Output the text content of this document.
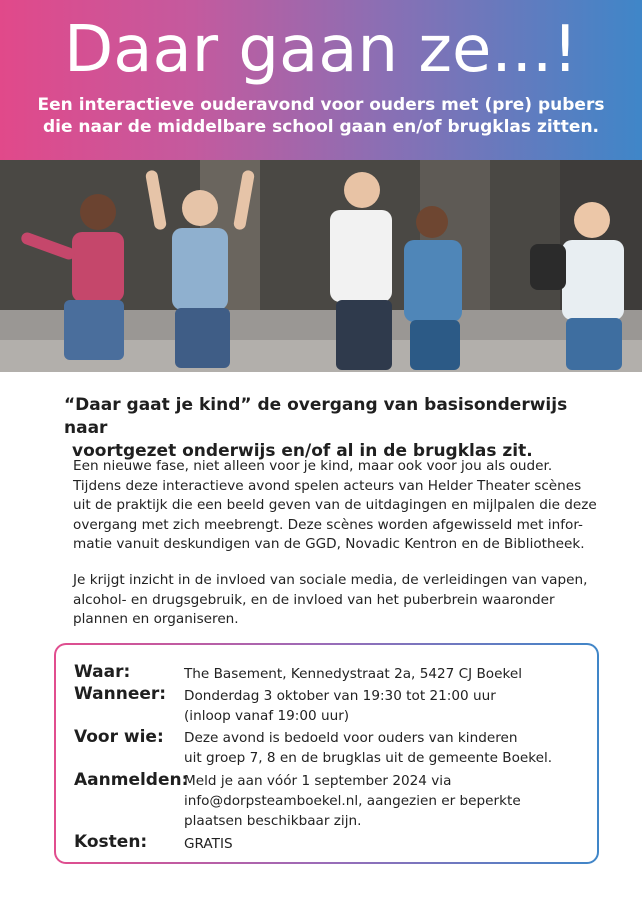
Daar gaan ze...!
Een interactieve ouderavond voor ouders met (pre) pubers
die naar de middelbare school gaan en/of brugklas zitten.
“Daar gaat je kind” de overgang van basisonderwijs naar
voortgezet onderwijs en/of al in de brugklas zit.
Een nieuwe fase, niet alleen voor je kind, maar ook voor jou als ouder.
Tijdens deze interactieve avond spelen acteurs van Helder Theater scènes
uit de praktijk die een beeld geven van de uitdagingen en mijlpalen die deze
overgang met zich meebrengt. Deze scènes worden afgewisseld met infor-
matie vanuit deskundigen van de GGD, Novadic Kentron en de Bibliotheek.
Je krijgt inzicht in de invloed van sociale media, de verleidingen van vapen,
alcohol- en drugsgebruik, en de invloed van het puberbrein waaronder
plannen en organiseren.
Waar:	The Basement, Kennedystraat 2a, 5427 CJ Boekel
Wanneer: Donderdag 3 oktober van 19:30 tot 21:00 uur
(inloop vanaf 19:00 uur)
Voor wie: Deze avond is bedoeld voor ouders van kinderen
uit groep 7, 8 en de brugklas uit de gemeente Boekel.
Aanmelden:
Meld je aan vóór 1 september 2024 via
info@dorpsteamboekel.nl, aangezien er beperkte
plaatsen beschikbaar zijn.
Kosten:	GRATIS
